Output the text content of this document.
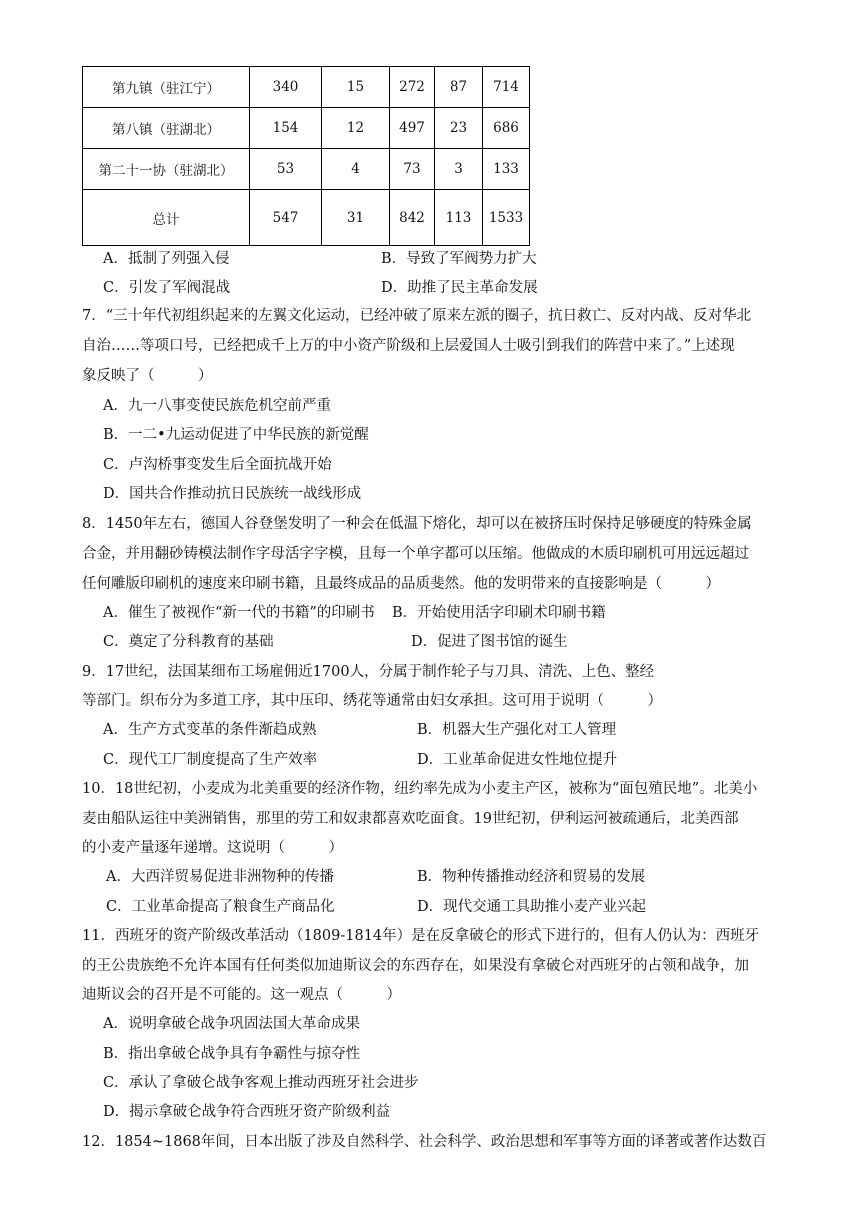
第九镇（驻江宁）	340	15	272	87	714
第八镇（驻湖北）	154	12	497	23	686
第二十一协（驻湖北）	53	4	73	3	133
总计	547	31	842	113	1533
A．抵制了列强入侵	B．导致了军阀势力扩大
C．引发了军阀混战	D．助推了民主革命发展
7．“三十年代初组织起来的左翼文化运动，已经冲破了原来左派的圈子，抗日救亡、反对内战、反对华北
自治……等项口号，已经把成千上万的中小资产阶级和上层爱国人士吸引到我们的阵营中来了。”上述现
象反映了（　　　）
A．九一八事变使民族危机空前严重
B．一二•九运动促进了中华民族的新觉醒
C．卢沟桥事变发生后全面抗战开始
D．国共合作推动抗日民族统一战线形成
8．1450年左右，德国人谷登堡发明了一种会在低温下熔化，却可以在被挤压时保持足够硬度的特殊金属
合金，并用翻砂铸模法制作字母活字字模，且每一个单字都可以压缩。他做成的木质印刷机可用远远超过
任何雕版印刷机的速度来印刷书籍，且最终成品的品质斐然。他的发明带来的直接影响是（　　　）
A．催生了被视作“新一代的书籍”的印刷书 B．开始使用活字印刷术印刷书籍
C．奠定了分科教育的基础	D．促进了图书馆的诞生
9．17世纪，法国某细布工场雇佣近1700人，分属于制作轮子与刀具、清洗、上色、整经
等部门。织布分为多道工序，其中压印、绣花等通常由妇女承担。这可用于说明（　　　）
A．生产方式变革的条件渐趋成熟	B．机器大生产强化对工人管理
C．现代工厂制度提高了生产效率	D．工业革命促进女性地位提升
10．18世纪初，小麦成为北美重要的经济作物，纽约率先成为小麦主产区，被称为“面包殖民地”。北美小
麦由船队运往中美洲销售，那里的劳工和奴隶都喜欢吃面食。19世纪初，伊利运河被疏通后，北美西部
的小麦产量逐年递增。这说明（　　　）
A．大西洋贸易促进非洲物种的传播	B．物种传播推动经济和贸易的发展
C．工业革命提高了粮食生产商品化	D．现代交通工具助推小麦产业兴起
11．西班牙的资产阶级改革活动（1809-1814年）是在反拿破仑的形式下进行的，但有人仍认为：西班牙
的王公贵族绝不允许本国有任何类似加迪斯议会的东西存在，如果没有拿破仑对西班牙的占领和战争，加
迪斯议会的召开是不可能的。这一观点（　　　）
A．说明拿破仑战争巩固法国大革命成果
B．指出拿破仑战争具有争霸性与掠夺性
C．承认了拿破仑战争客观上推动西班牙社会进步
D．揭示拿破仑战争符合西班牙资产阶级利益
12．1854~1868年间，日本出版了涉及自然科学、社会科学、政治思想和军事等方面的译著或著作达数百
